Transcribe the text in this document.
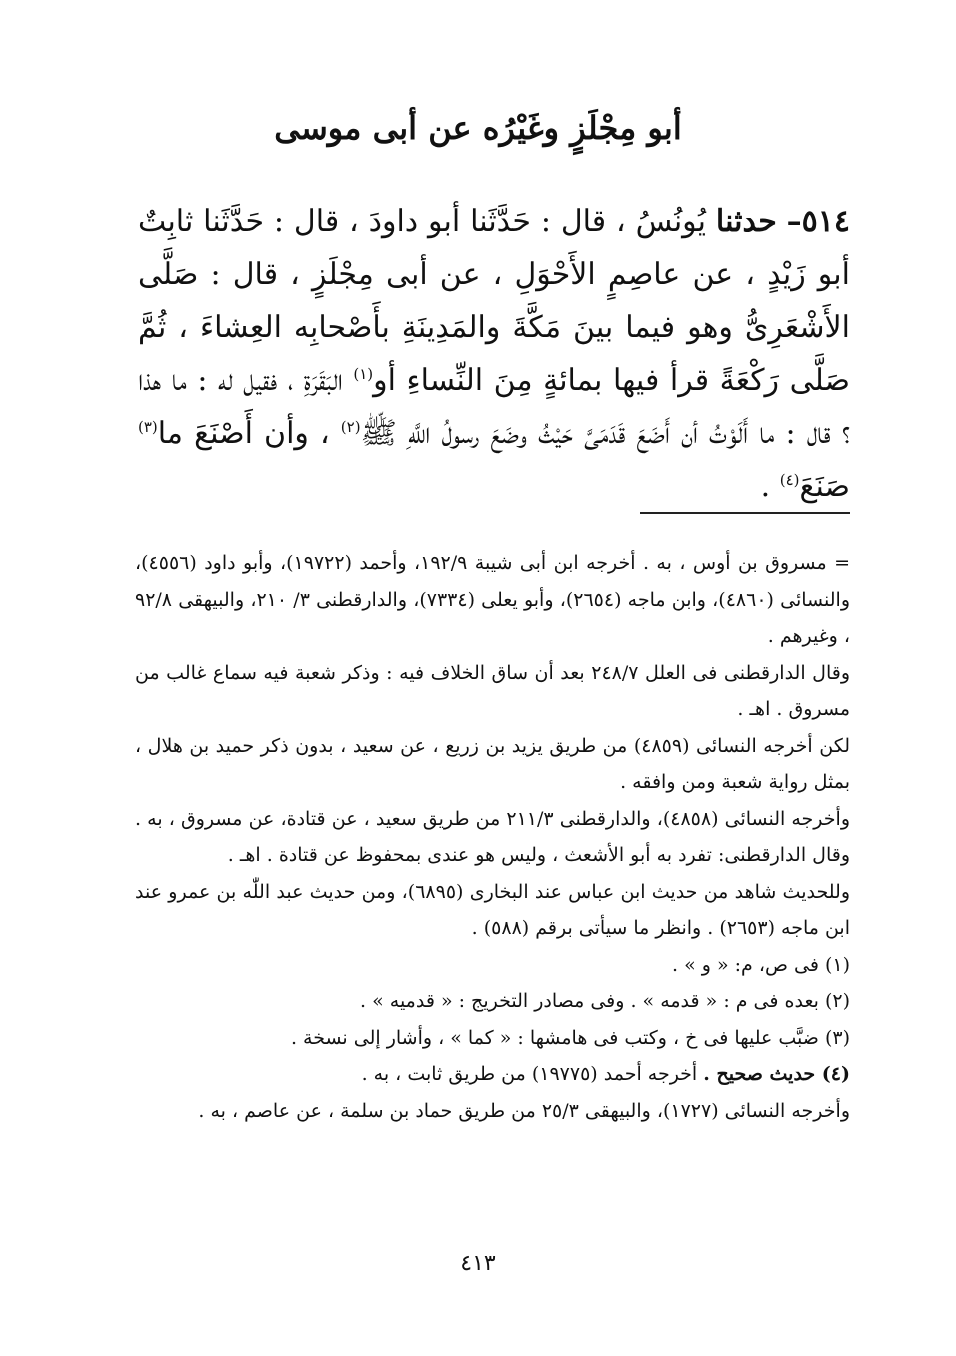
أبو مِجْلَزٍ وغَيْرُه عن أبى موسى
٥١٤– حدثنا يُونُسُ ، قال : حَدَّثَنا أبو داودَ ، قال : حَدَّثَنا ثابِتٌ أبو زَيْدٍ ، عن عاصِمٍ الأَحْوَلِ ، عن أبى مِجْلَزٍ ، قال : صَلَّى الأَشْعَرِىُّ وهو فيما بينَ مَكَّةَ والمَدِينَةِ بأَصْحابِه العِشاءَ ، ثُمَّ صَلَّى رَكْعَةً قرأ فيها بمائةٍ مِنَ النِّساءِ أو$^{(١)}$ البَقَرَةِ ، فقيل له : ما هذا ؟ قال : ما أَلَوْتُ أن أَضَعَ قَدَمَىَّ حَيْثُ وضَعَ رسولُ اللَّهِ ﷺ$^{(٢)}$ ، وأن أَصْنَعَ ما$^{(٣)}$ صَنَعَ$^{(٤)}$ .

= مسروق بن أوس ، به . أخرجه ابن أبى شيبة ١٩٢/٩، وأحمد (١٩٧٢٢)، وأبو داود (٤٥٥٦)، والنسائى (٤٨٦٠)، وابن ماجه (٢٦٥٤)، وأبو يعلى (٧٣٣٤)، والدارقطنى ٣/ ٢١٠، والبيهقى ٩٢/٨ ، وغيرهم .

وقال الدارقطنى فى العلل ٢٤٨/٧ بعد أن ساق الخلاف فيه : وذكر شعبة فيه سماع غالب من مسروق . اهـ .

لكن أخرجه النسائى (٤٨٥٩) من طريق يزيد بن زريع ، عن سعيد ، بدون ذكر حميد بن هلال ، بمثل رواية شعبة ومن وافقه .

وأخرجه النسائى (٤٨٥٨)، والدارقطنى ٢١١/٣ من طريق سعيد ، عن قتادة، عن مسروق ، به . وقال الدارقطنى: تفرد به أبو الأشعث ، وليس هو عندى بمحفوظ عن قتادة . اهـ .

وللحديث شاهد من حديث ابن عباس عند البخارى (٦٨٩٥)، ومن حديث عبد اللّٰه بن عمرو عند ابن ماجه (٢٦٥٣) . وانظر ما سيأتى برقم (٥٨٨) .

(١) فى ص، م: « و » .

(٢) بعده فى م : « قدمه » . وفى مصادر التخريج : « قدميه » .

(٣) ضبَّب عليها فى خ ، وكتب فى هامشها : « كما » ، وأشار إلى نسخة .

(٤) حديث صحيح . أخرجه أحمد (١٩٧٧٥) من طريق ثابت ، به .

وأخرجه النسائى (١٧٢٧)، والبيهقى ٢٥/٣ من طريق حماد بن سلمة ، عن عاصم ، به .

٤١٣
